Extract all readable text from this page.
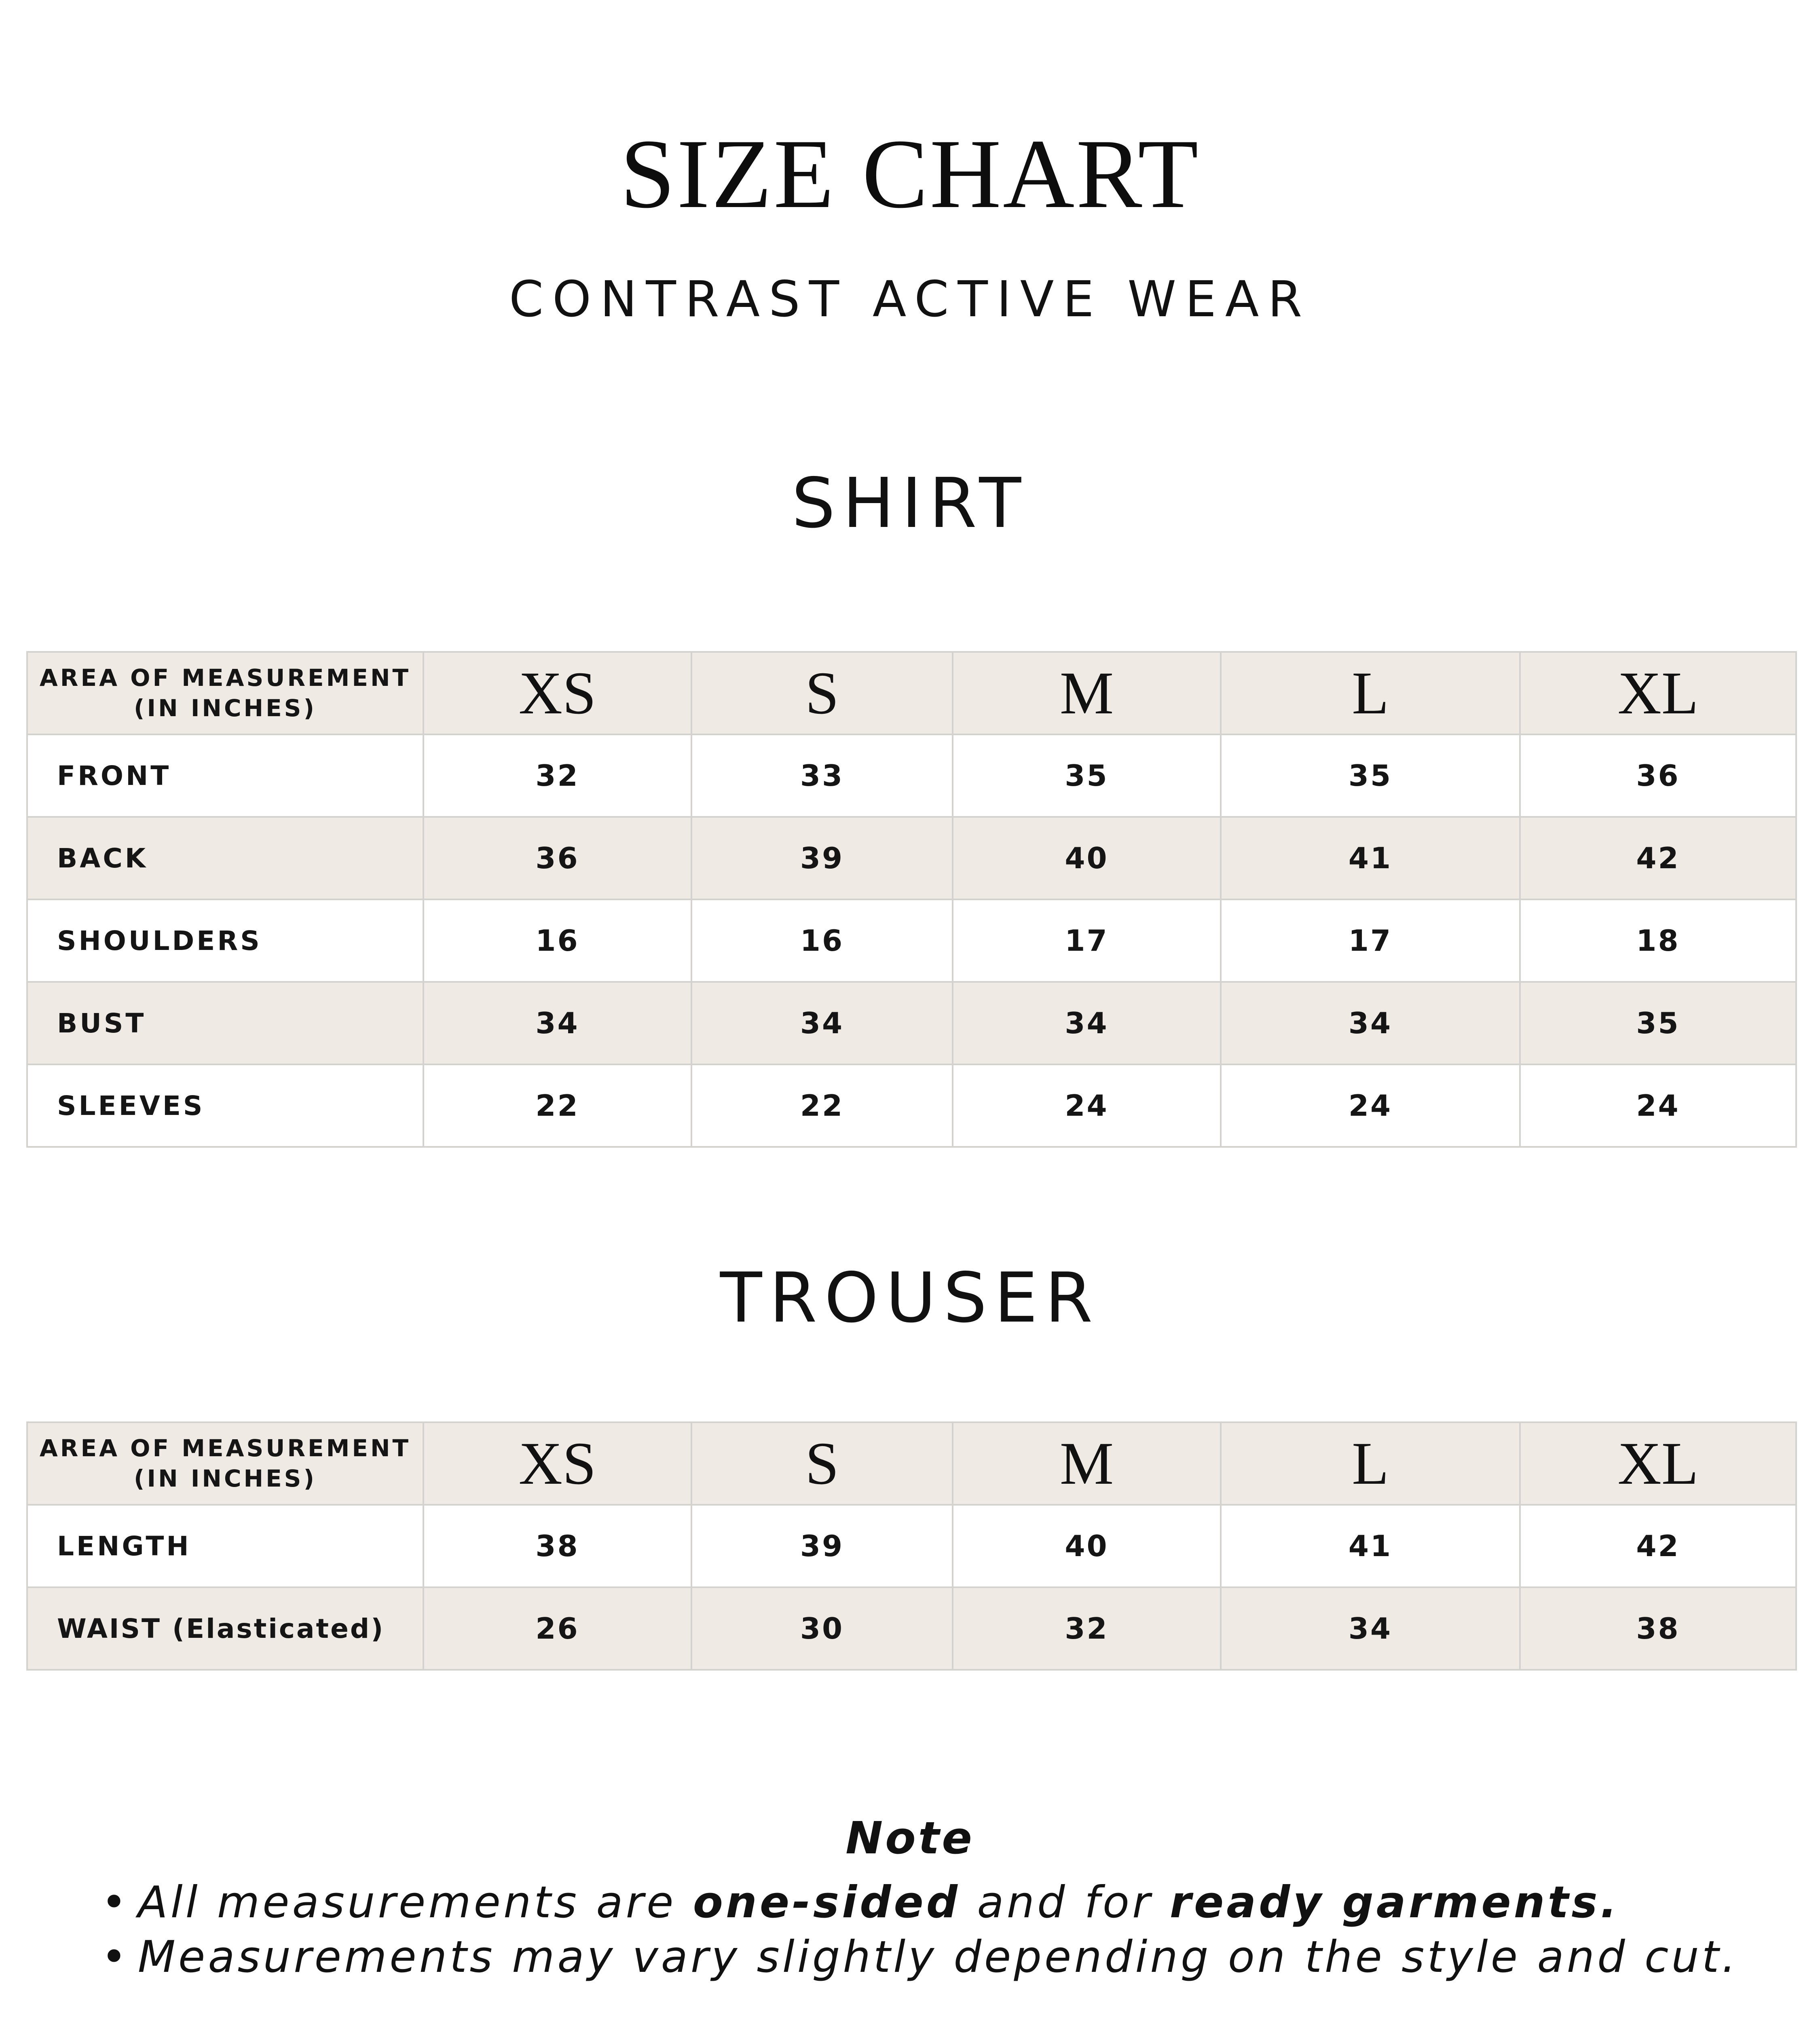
SIZE CHART
CONTRAST ACTIVE WEAR
SHIRT
AREA OF MEASUREMENT
(IN INCHES)	XS	S	M	L	XL
FRONT	32	33	35	35	36
BACK	36	39	40	41	42
SHOULDERS	16	16	17	17	18
BUST	34	34	34	34	35
SLEEVES	22	22	24	24	24
TROUSER
AREA OF MEASUREMENT
(IN INCHES)	XS	S	M	L	XL
LENGTH	38	39	40	41	42
WAIST (Elasticated)	26	30	32	34	38
Note
• All measurements are one-sided and for ready garments.
• Measurements may vary slightly depending on the style and cut.
